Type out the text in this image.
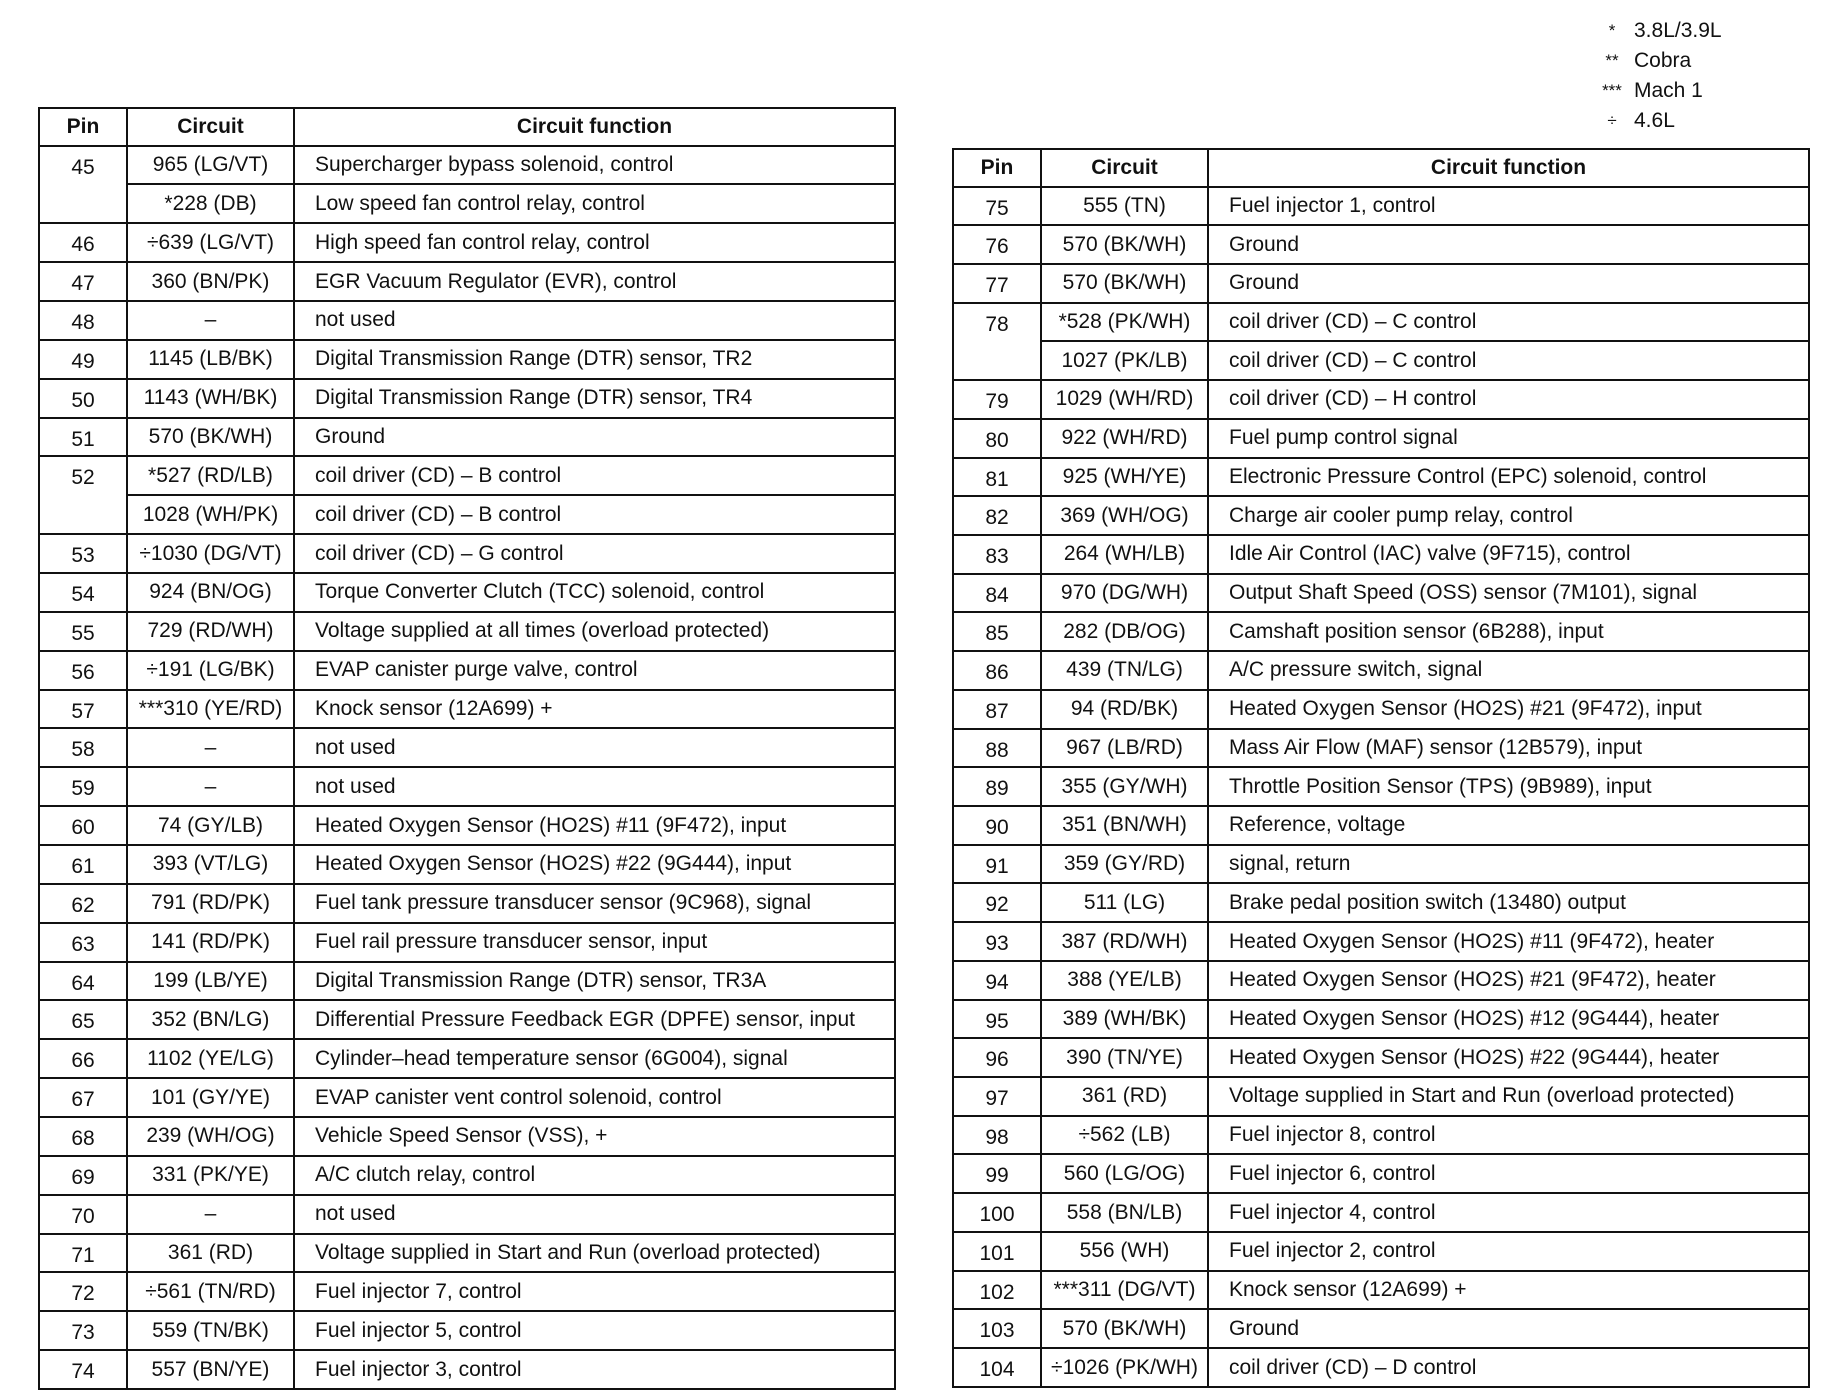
* 3.8L/3.9L
** Cobra
*** Mach 1
÷ 4.6L
Pin	Circuit	Circuit function
45	965 (LG/VT)	Supercharger bypass solenoid, control
	*228 (DB)	Low speed fan control relay, control
46	÷639 (LG/VT)	High speed fan control relay, control
47	360 (BN/PK)	EGR Vacuum Regulator (EVR), control
48	–	not used
49	1145 (LB/BK)	Digital Transmission Range (DTR) sensor, TR2
50	1143 (WH/BK)	Digital Transmission Range (DTR) sensor, TR4
51	570 (BK/WH)	Ground
52	*527 (RD/LB)	coil driver (CD) – B control
	1028 (WH/PK)	coil driver (CD) – B control
53	÷1030 (DG/VT)	coil driver (CD) – G control
54	924 (BN/OG)	Torque Converter Clutch (TCC) solenoid, control
55	729 (RD/WH)	Voltage supplied at all times (overload protected)
56	÷191 (LG/BK)	EVAP canister purge valve, control
57	***310 (YE/RD)	Knock sensor (12A699) +
58	–	not used
59	–	not used
60	74 (GY/LB)	Heated Oxygen Sensor (HO2S) #11 (9F472), input
61	393 (VT/LG)	Heated Oxygen Sensor (HO2S) #22 (9G444), input
62	791 (RD/PK)	Fuel tank pressure transducer sensor (9C968), signal
63	141 (RD/PK)	Fuel rail pressure transducer sensor, input
64	199 (LB/YE)	Digital Transmission Range (DTR) sensor, TR3A
65	352 (BN/LG)	Differential Pressure Feedback EGR (DPFE) sensor, input
66	1102 (YE/LG)	Cylinder–head temperature sensor (6G004), signal
67	101 (GY/YE)	EVAP canister vent control solenoid, control
68	239 (WH/OG)	Vehicle Speed Sensor (VSS), +
69	331 (PK/YE)	A/C clutch relay, control
70	–	not used
71	361 (RD)	Voltage supplied in Start and Run (overload protected)
72	÷561 (TN/RD)	Fuel injector 7, control
73	559 (TN/BK)	Fuel injector 5, control
74	557 (BN/YE)	Fuel injector 3, control
Pin	Circuit	Circuit function
75	555 (TN)	Fuel injector 1, control
76	570 (BK/WH)	Ground
77	570 (BK/WH)	Ground
78	*528 (PK/WH)	coil driver (CD) – C control
	1027 (PK/LB)	coil driver (CD) – C control
79	1029 (WH/RD)	coil driver (CD) – H control
80	922 (WH/RD)	Fuel pump control signal
81	925 (WH/YE)	Electronic Pressure Control (EPC) solenoid, control
82	369 (WH/OG)	Charge air cooler pump relay, control
83	264 (WH/LB)	Idle Air Control (IAC) valve (9F715), control
84	970 (DG/WH)	Output Shaft Speed (OSS) sensor (7M101), signal
85	282 (DB/OG)	Camshaft position sensor (6B288), input
86	439 (TN/LG)	A/C pressure switch, signal
87	94 (RD/BK)	Heated Oxygen Sensor (HO2S) #21 (9F472), input
88	967 (LB/RD)	Mass Air Flow (MAF) sensor (12B579), input
89	355 (GY/WH)	Throttle Position Sensor (TPS) (9B989), input
90	351 (BN/WH)	Reference, voltage
91	359 (GY/RD)	signal, return
92	511 (LG)	Brake pedal position switch (13480) output
93	387 (RD/WH)	Heated Oxygen Sensor (HO2S) #11 (9F472), heater
94	388 (YE/LB)	Heated Oxygen Sensor (HO2S) #21 (9F472), heater
95	389 (WH/BK)	Heated Oxygen Sensor (HO2S) #12 (9G444), heater
96	390 (TN/YE)	Heated Oxygen Sensor (HO2S) #22 (9G444), heater
97	361 (RD)	Voltage supplied in Start and Run (overload protected)
98	÷562 (LB)	Fuel injector 8, control
99	560 (LG/OG)	Fuel injector 6, control
100	558 (BN/LB)	Fuel injector 4, control
101	556 (WH)	Fuel injector 2, control
102	***311 (DG/VT)	Knock sensor (12A699) +
103	570 (BK/WH)	Ground
104	÷1026 (PK/WH)	coil driver (CD) – D control
